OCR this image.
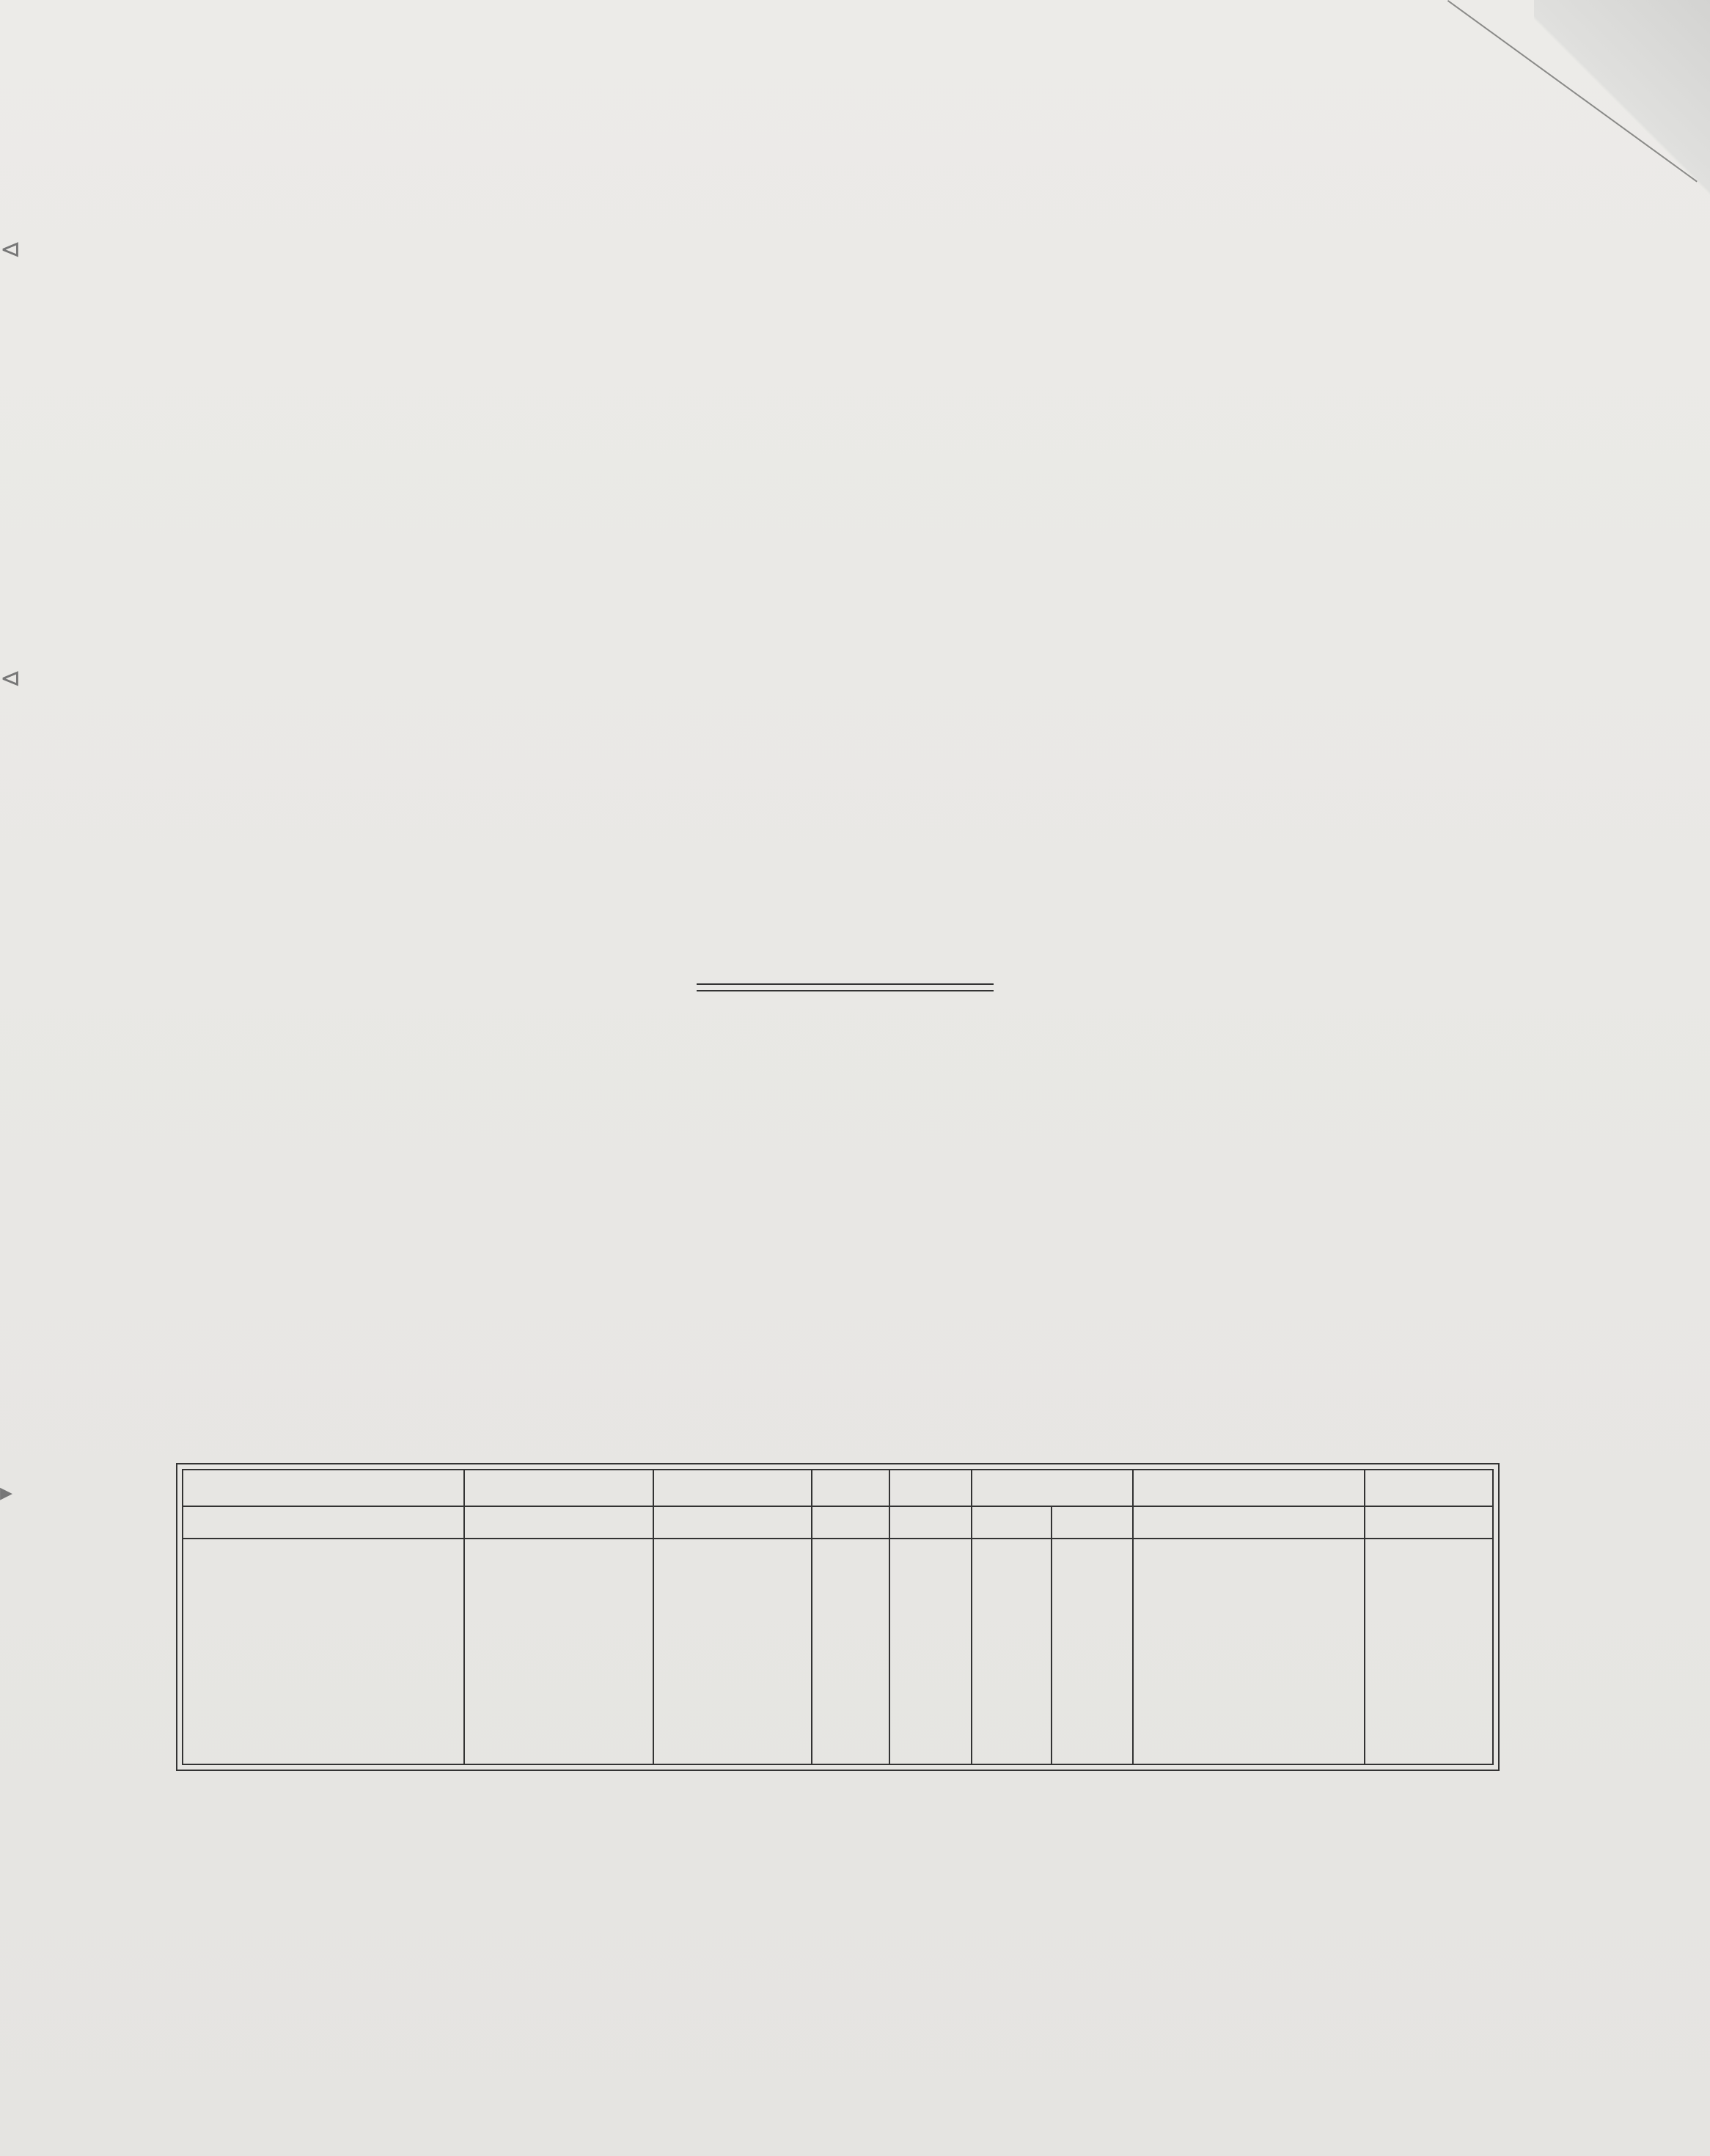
⊲
⊲
▸
